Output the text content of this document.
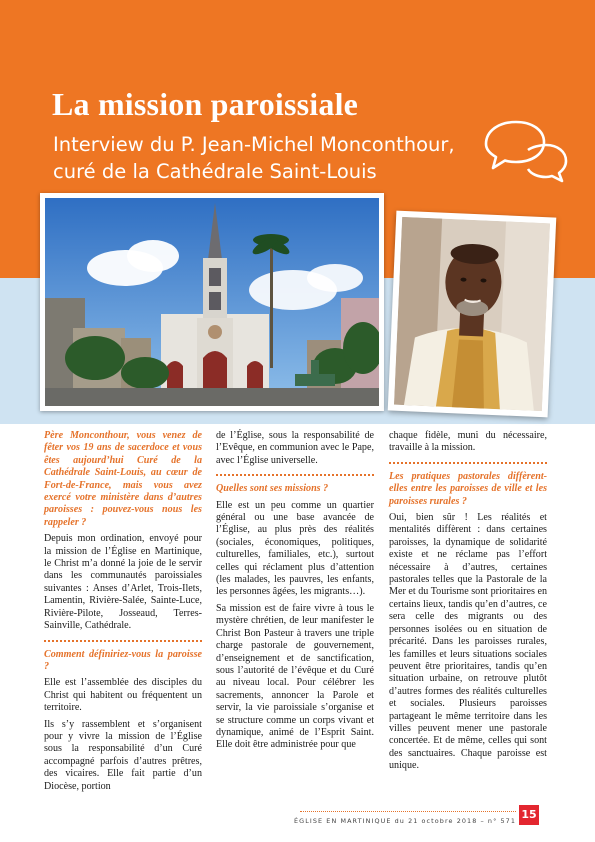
La mission paroissiale
Interview du P. Jean-Michel Monconthour,
curé de la Cathédrale Saint-Louis

Père Monconthour, vous venez de fêter vos 19 ans de sacerdoce et vous êtes aujourd’hui Curé de la Cathédrale Saint-Louis, au cœur de Fort-de-France, mais vous avez exercé votre ministère dans d’autres paroisses : pouvez-vous nous les rappeler ?

Depuis mon ordination, envoyé pour la mission de l’Église en Martinique, le Christ m’a donné la joie de le servir dans les communautés paroissiales suivantes : Anses d’Arlet, Trois-Ilets, Lamentin, Rivière-Salée, Sainte-Luce, Rivière-Pilote, Josseaud, Terres-Sainville, Cathédrale.

Comment définiriez-vous la paroisse ?

Elle est l’assemblée des disciples du Christ qui habitent ou fréquentent un territoire.

Ils s’y rassemblent et s’organisent pour y vivre la mission de l’Église sous la responsabilité d’un Curé accompagné parfois d’autres prêtres, des vicaires. Elle fait partie d’un Diocèse, portion

de l’Église, sous la responsabilité de l’Evêque, en communion avec le Pape, avec l’Église universelle.

Quelles sont ses missions ?

Elle est un peu comme un quartier général ou une base avancée de l’Église, au plus près des réalités (sociales, économiques, politiques, culturelles, familiales, etc.), surtout celles qui réclament plus d’attention (les malades, les pauvres, les enfants, les personnes âgées, les migrants…).

Sa mission est de faire vivre à tous le mystère chrétien, de leur manifester le Christ Bon Pasteur à travers une triple charge pastorale de gouvernement, d’enseignement et de sanctification, sous l’autorité de l’évêque et du Curé au niveau local. Pour célébrer les sacrements, annoncer la Parole et servir, la vie paroissiale s’organise et se structure comme un corps vivant et dynamique, animé de l’Esprit Saint. Elle doit être administrée pour que

chaque fidèle, muni du nécessaire, travaille à la mission.

Les pratiques pastorales diffèrent-elles entre les paroisses de ville et les paroisses rurales ?

Oui, bien sûr ! Les réalités et mentalités diffèrent : dans certaines paroisses, la dynamique de solidarité existe et ne réclame pas l’effort nécessaire à d’autres, certaines pastorales telles que la Pastorale de la Mer et du Tourisme sont prioritaires en certains lieux, tandis qu’en d’autres, ce sera celle des migrants ou des personnes isolées ou en situation de précarité. Dans les paroisses rurales, les familles et leurs situations sociales peuvent être prioritaires, tandis qu’en situation urbaine, on retrouve plutôt d’autres formes des réalités culturelles et sociales. Plusieurs paroisses partageant le même territoire dans les villes peuvent mener une pastorale concertée. Et de même, celles qui sont des sanctuaires. Chaque paroisse est unique.

ÉGLISE EN MARTINIQUE du 21 octobre 2018 – n° 571 15
